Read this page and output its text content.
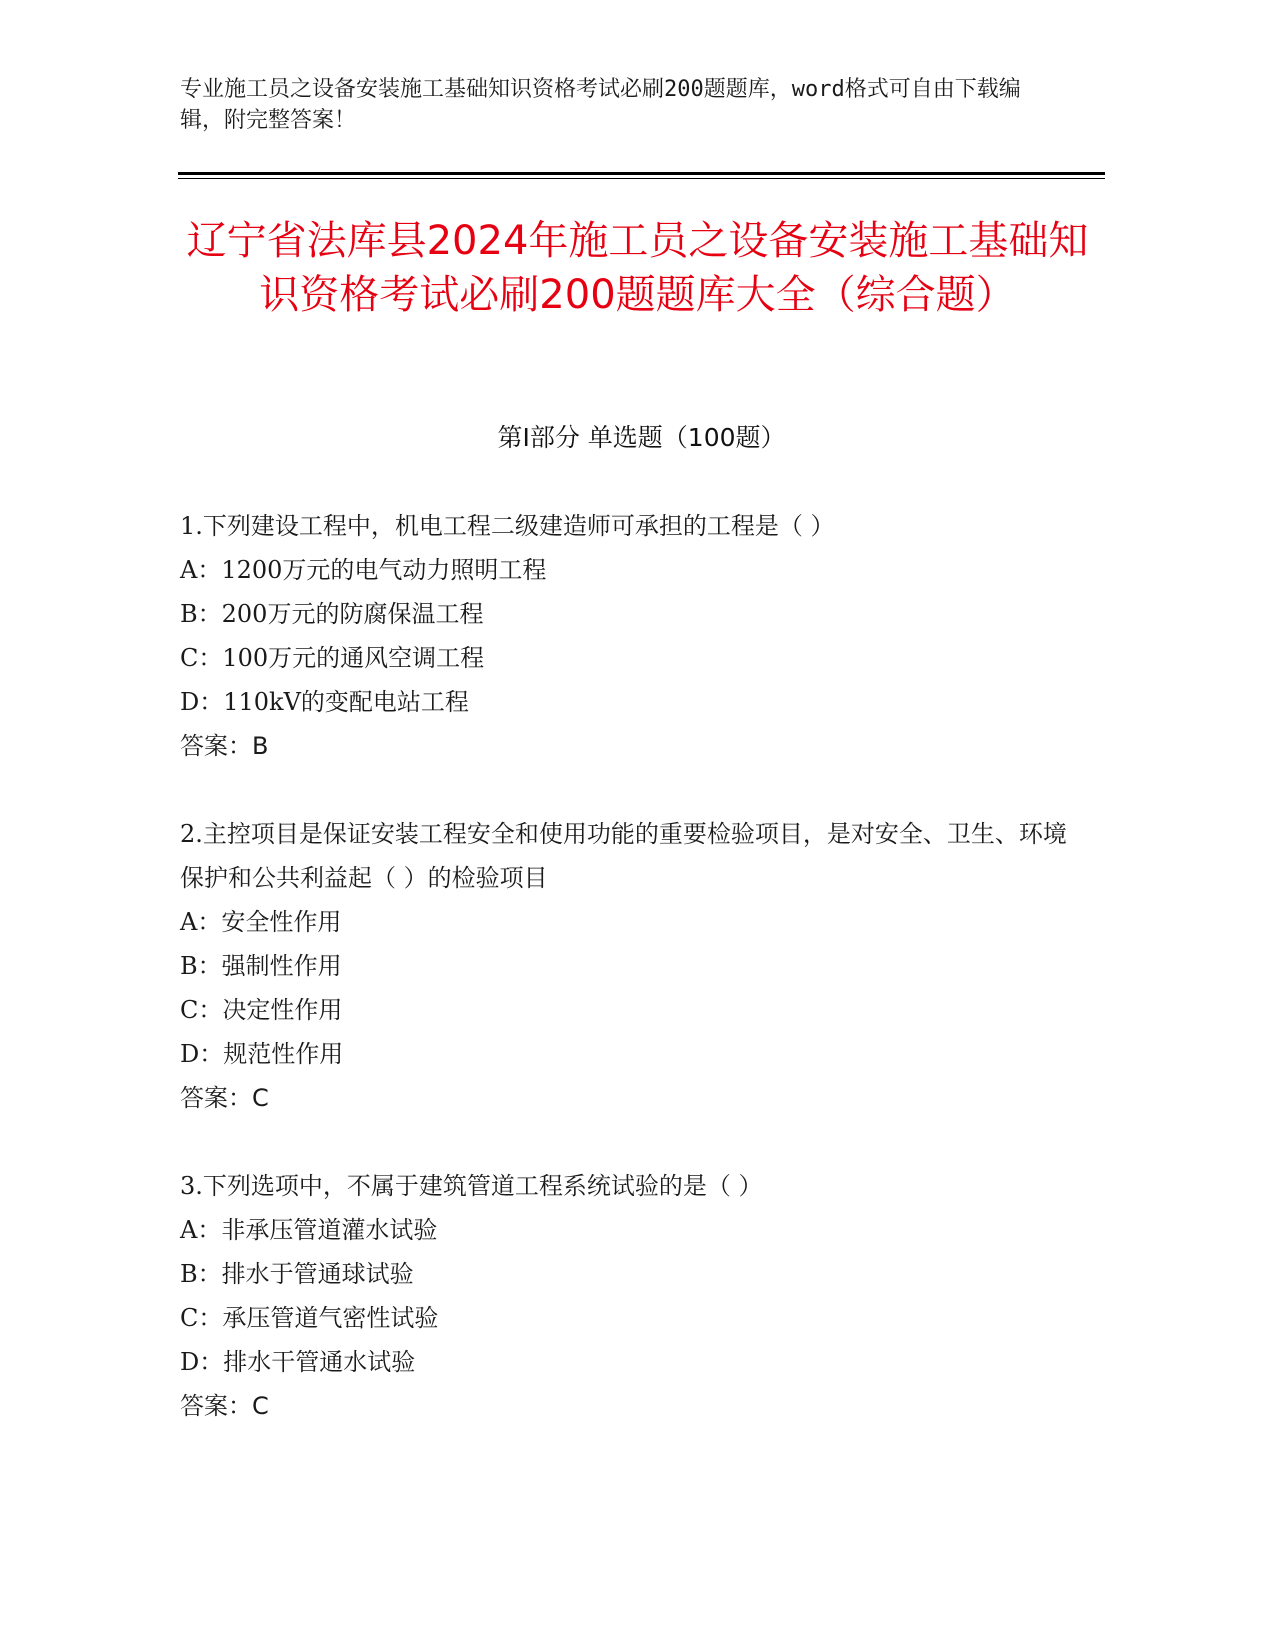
专业施工员之设备安装施工基础知识资格考试必刷200题题库，word格式可自由下载编辑，附完整答案！
辽宁省法库县2024年施工员之设备安装施工基础知识资格考试必刷200题题库大全（综合题）
第Ⅰ部分 单选题（100题）

1.下列建设工程中，机电工程二级建造师可承担的工程是（ ）

A：1200万元的电气动力照明工程

B：200万元的防腐保温工程

C：100万元的通风空调工程

D：110kV的变配电站工程

答案：B

2.主控项目是保证安装工程安全和使用功能的重要检验项目，是对安全、卫生、环境保护和公共利益起（ ）的检验项目

A：安全性作用

B：强制性作用

C：决定性作用

D：规范性作用

答案：C

3.下列选项中，不属于建筑管道工程系统试验的是（ ）

A：非承压管道灌水试验

B：排水于管通球试验

C：承压管道气密性试验

D：排水干管通水试验

答案：C
